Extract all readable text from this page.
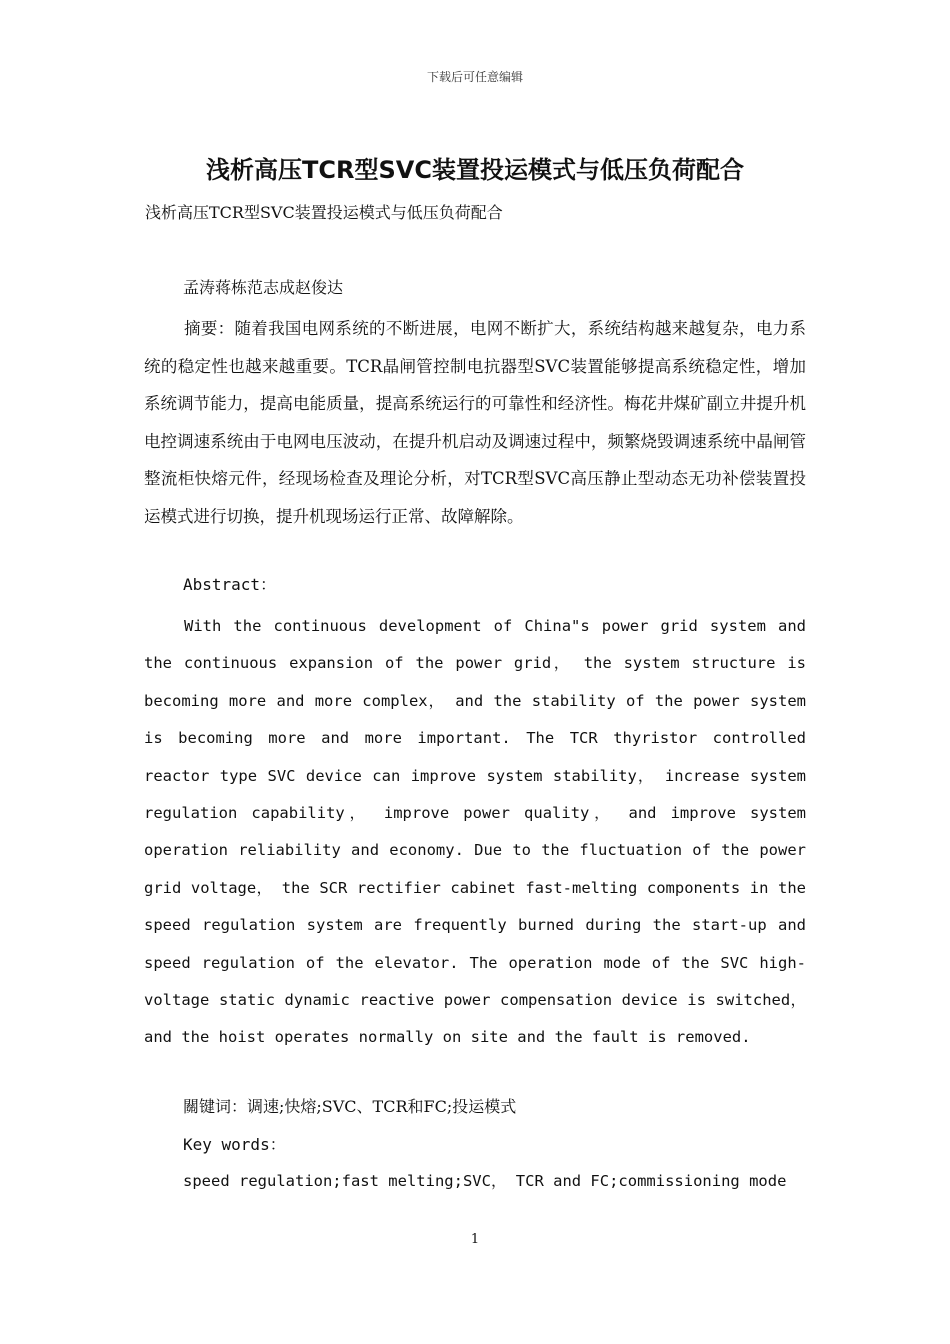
下载后可任意编辑
浅析高压TCR型SVC装置投运模式与低压负荷配合
浅析高压TCR型SVC装置投运模式与低压负荷配合
孟涛蒋栋范志成赵俊达

摘要：随着我国电网系统的不断进展，电网不断扩大，系统结构越来越复杂，电力系统的稳定性也越来越重要。TCR晶闸管控制电抗器型SVC装置能够提高系统稳定性，增加系统调节能力，提高电能质量，提高系统运行的可靠性和经济性。梅花井煤矿副立井提升机电控调速系统由于电网电压波动，在提升机启动及调速过程中，频繁烧毁调速系统中晶闸管整流柜快熔元件，经现场检查及理论分析，对TCR型SVC高压静止型动态无功补偿装置投运模式进行切换，提升机现场运行正常、故障解除。

Abstract：

With the continuous development of China"s power grid system and the continuous expansion of the power grid， the system structure is becoming more and more complex， and the stability of the power system is becoming more and more important. The TCR thyristor controlled reactor type SVC device can improve system stability， increase system regulation capability， improve power quality， and improve system operation reliability and economy. Due to the fluctuation of the power grid voltage， the SCR rectifier cabinet fast-melting components in the speed regulation system are frequently burned during the start-up and speed regulation of the elevator. The operation mode of the SVC high-voltage static dynamic reactive power compensation device is switched， and the hoist operates normally on site and the fault is removed.

關键词：调速;快熔;SVC、TCR和FC;投运模式
Key words：
speed regulation;fast melting;SVC， TCR and FC;commissioning mode
1
